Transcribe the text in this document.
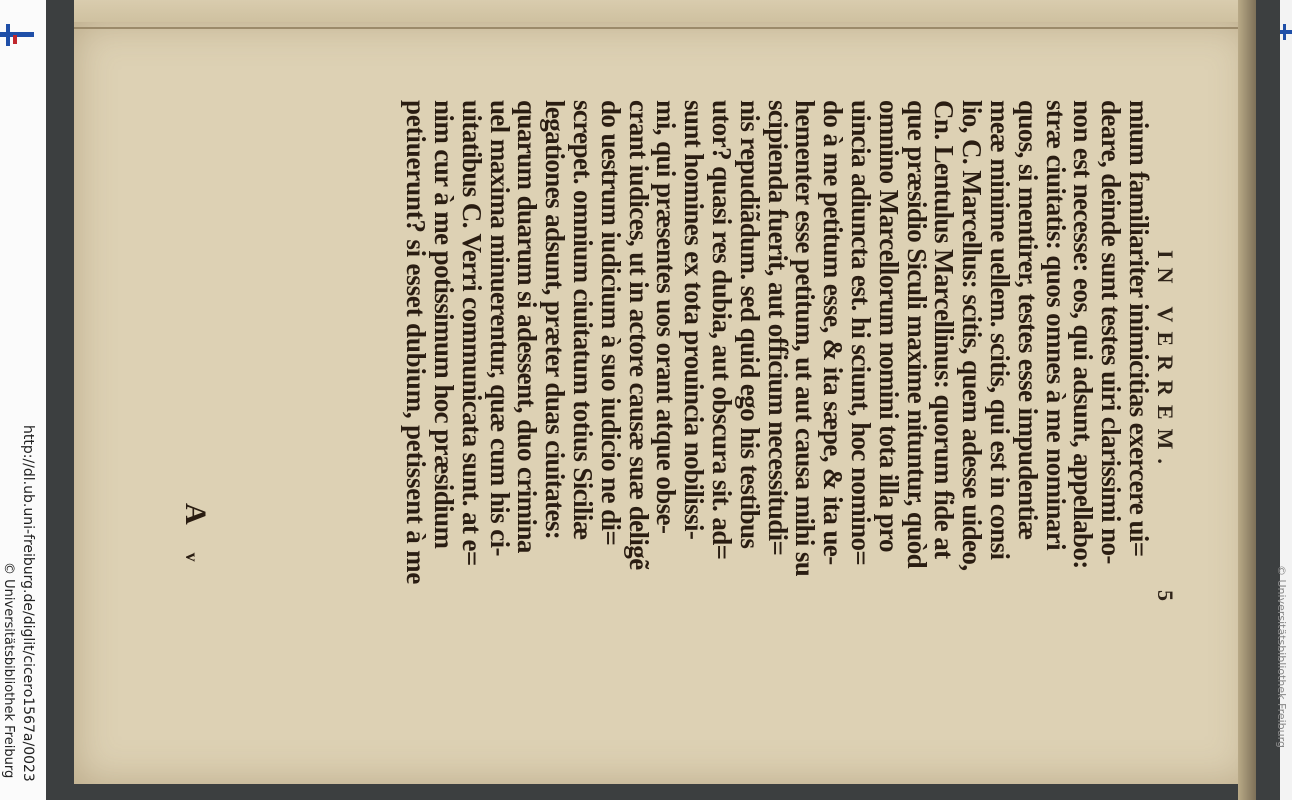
http://dl.ub.uni-freiburg.de/diglit/cicero1567a/0023
© Universitätsbibliothek Freiburg	© Universitätsbibliothek Freiburg
IN VERREM.
5
mium familiariter inimicitias exercere ui=
deare, deinde sunt testes uiri clarissimi no-
non est necesse: eos, qui adsunt, appellabo:
stræ ciuitatis: quos omnes à me nominari
quos, si mentirer, testes esse impudentiæ
meæ minime uellem. scitis, qui est in consi
lio, C. Marcellus: scitis, quem adesse uideo,
Cn. Lentulus Marcellinus: quorum fide at
que præsidio Siculi maxime nituntur, quòd
omnino Marcellorum nomini tota illa pro
uincia adiuncta est. hi sciunt, hoc nomino=
do à me petitum esse, & ita sæpe, & ita ue-
hementer esse petitum, ut aut causa mihi su
scipienda fuerit, aut officium necessitudi=
nis repudiãdum. sed quid ego his testibus
utor? quasi res dubia, aut obscura sit. ad=
sunt homines ex tota prouincia nobilissi-
mi, qui præsentes uos orant atque obse-
crant iudices, ut in actore causæ suæ deligẽ
do uestrum iudicium à suo iudicio ne di=
screpet. omnium ciuitatum totius Siciliæ
legationes adsunt, præter duas ciuitates:
quarum duarum si adessent, duo crimina
uel maxima minuerentur, quæ cum his ci-
uitatibus C. Verri communicata sunt. at e=
nim cur à me potissimum hoc præsidium
petiuerunt? si esset dubium, petissent à me
Av
